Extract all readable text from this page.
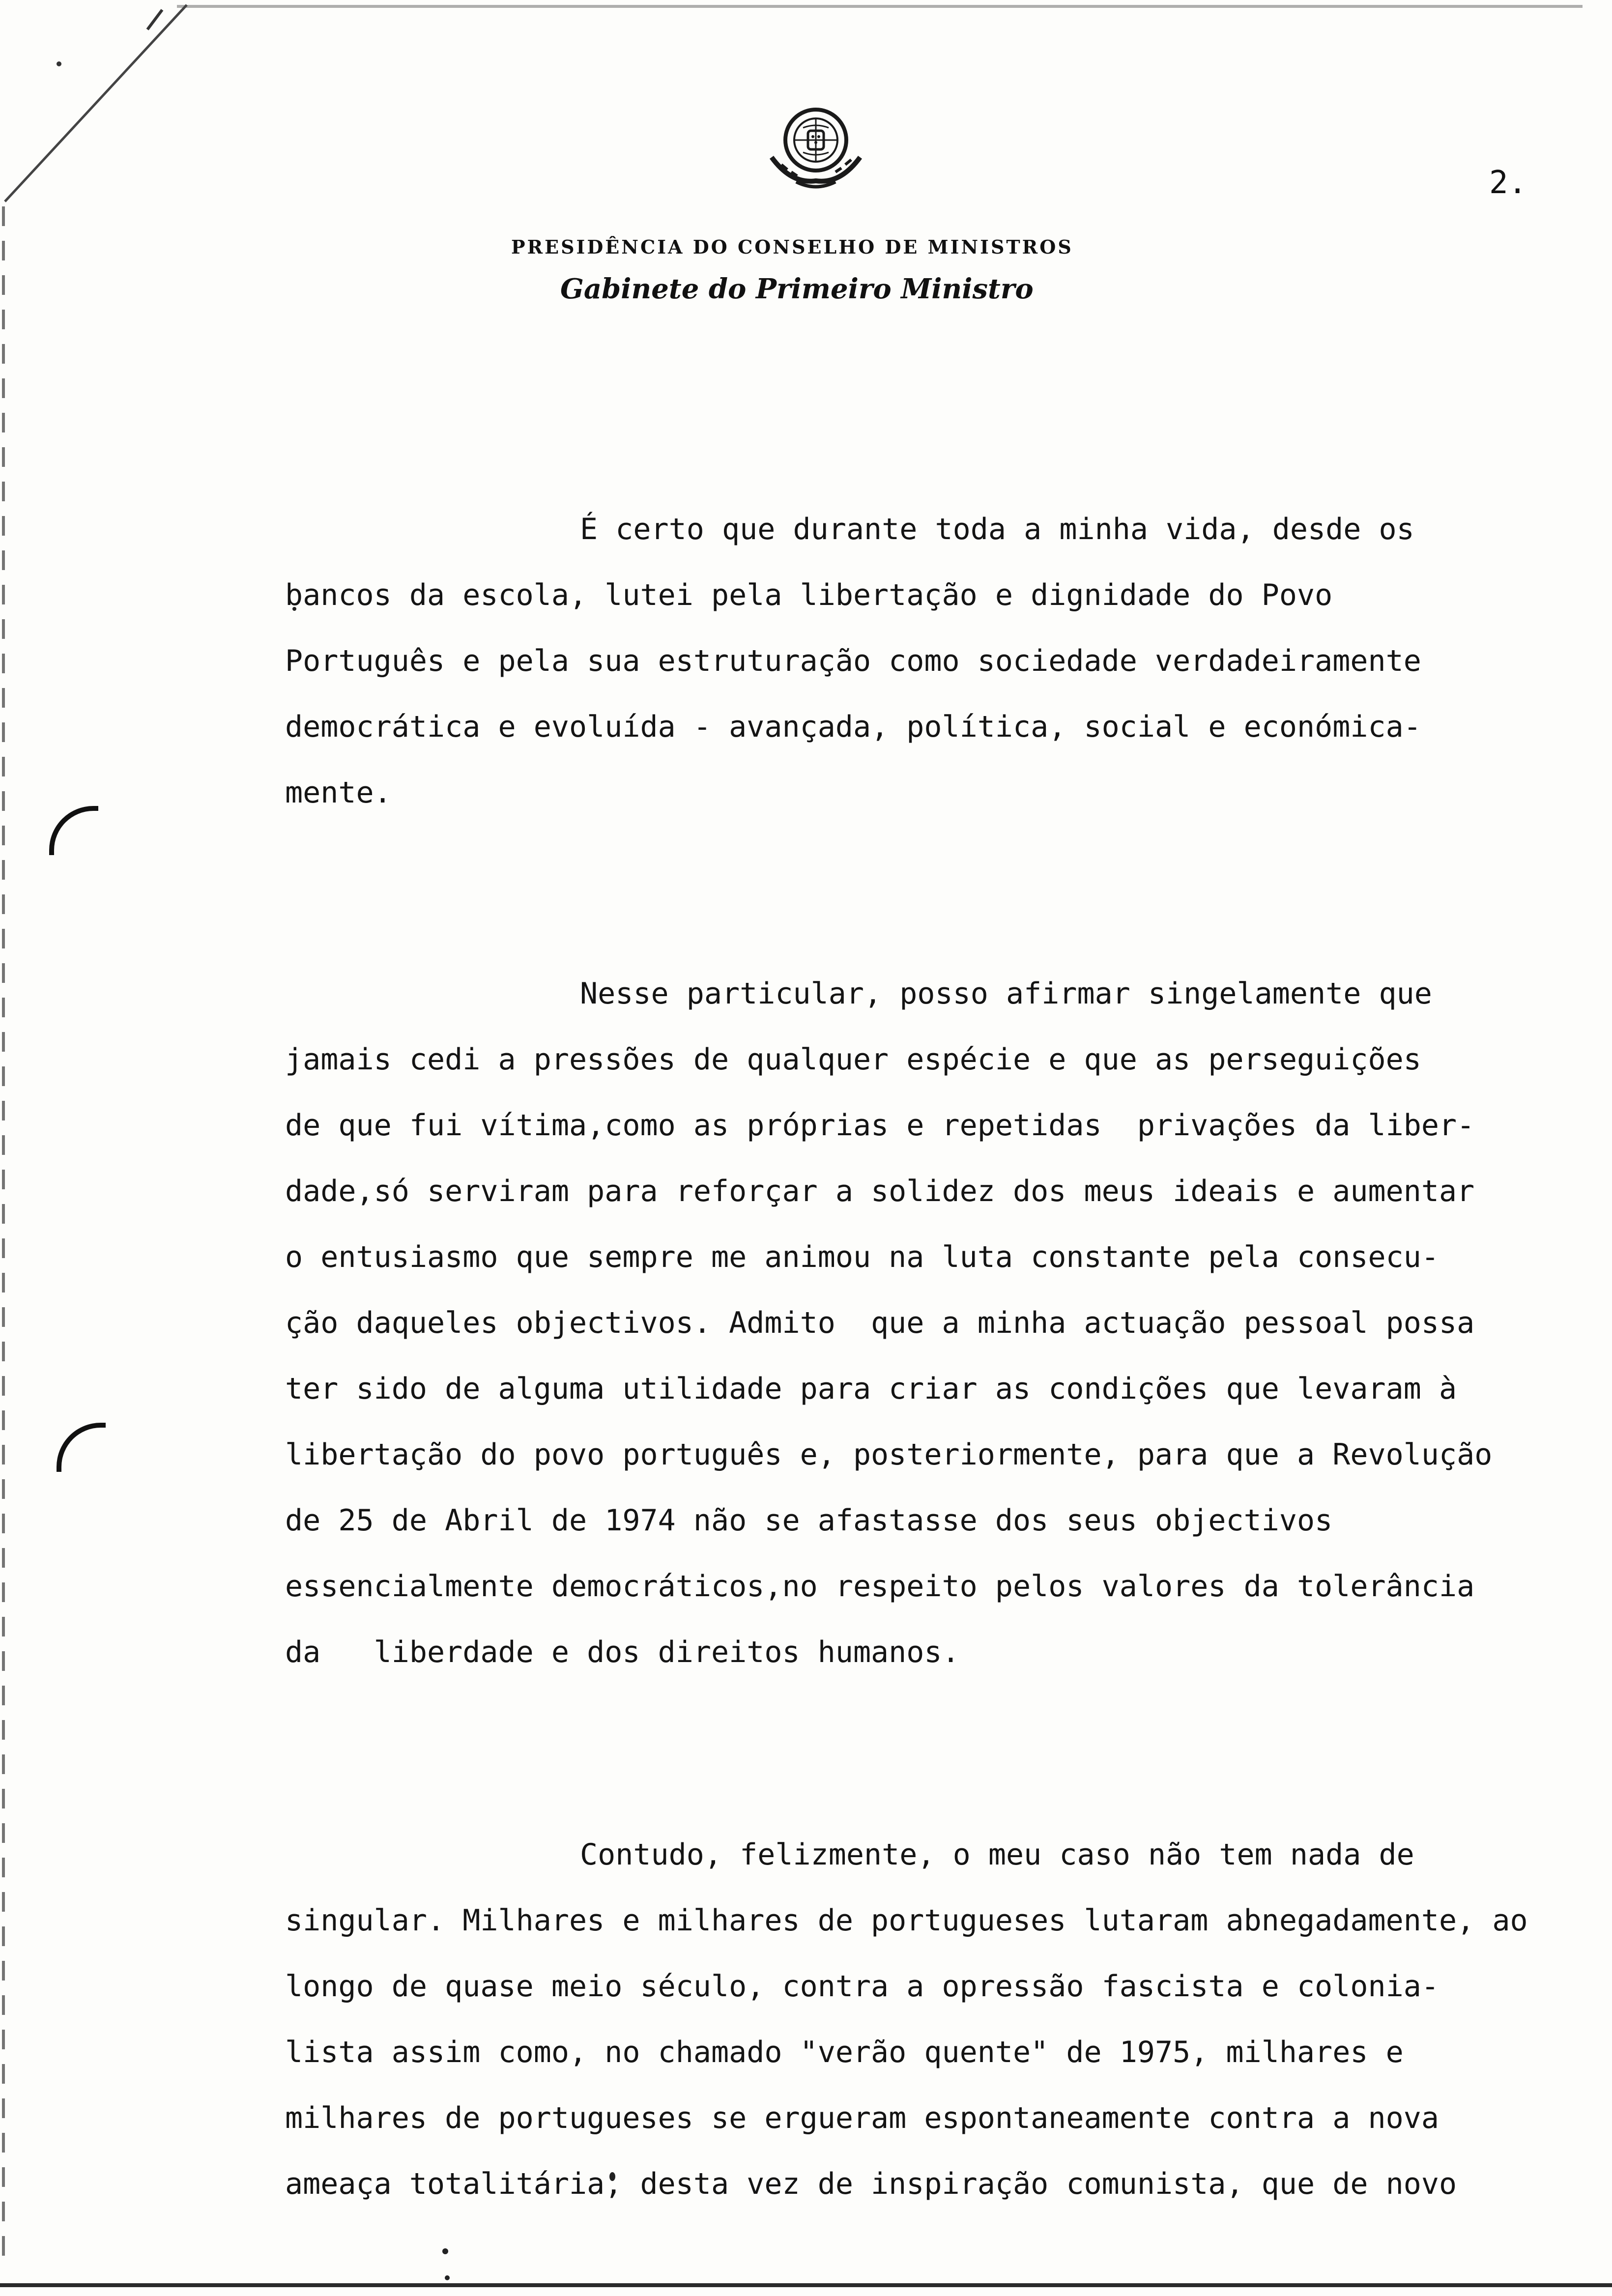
2.
PRESIDÊNCIA DO CONSELHO DE MINISTROS
Gabinete do Primeiro Ministro
É certo que durante toda a minha vida, desde os
bancos da escola, lutei pela libertação e dignidade do Povo
Português e pela sua estruturação como sociedade verdadeiramente
democrática e evoluída - avançada, política, social e económica-
mente.
Nesse particular, posso afirmar singelamente que
jamais cedi a pressões de qualquer espécie e que as perseguições
de que fui vítima,como as próprias e repetidas  privações da liber-
dade,só serviram para reforçar a solidez dos meus ideais e aumentar
o entusiasmo que sempre me animou na luta constante pela consecu-
ção daqueles objectivos. Admito  que a minha actuação pessoal possa
ter sido de alguma utilidade para criar as condições que levaram à
libertação do povo português e, posteriormente, para que a Revolução
de 25 de Abril de 1974 não se afastasse dos seus objectivos
essencialmente democráticos,no respeito pelos valores da tolerância
da   liberdade e dos direitos humanos.
Contudo, felizmente, o meu caso não tem nada de
singular. Milhares e milhares de portugueses lutaram abnegadamente, ao
longo de quase meio século, contra a opressão fascista e colonia-
lista assim como, no chamado "verão quente" de 1975, milhares e
milhares de portugueses se ergueram espontaneamente contra a nova
ameaça totalitária, desta vez de inspiração comunista, que de novo
